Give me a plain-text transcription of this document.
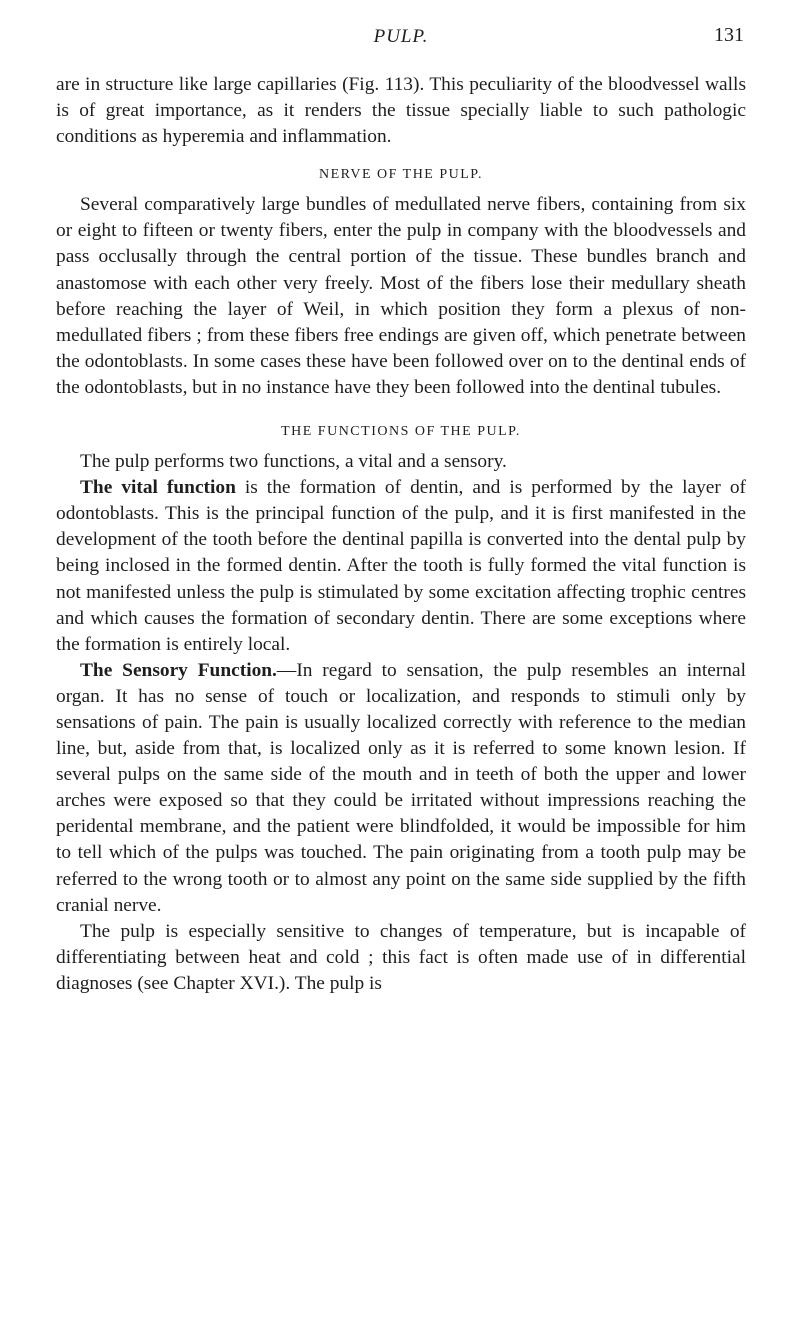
PULP.	131

are in structure like large capillaries (Fig. 113). This peculiarity of the bloodvessel walls is of great importance, as it renders the tissue specially liable to such pathologic conditions as hyperemia and inflammation.

NERVE OF THE PULP.

Several comparatively large bundles of medullated nerve fibers, containing from six or eight to fifteen or twenty fibers, enter the pulp in company with the bloodvessels and pass occlusally through the central portion of the tissue. These bundles branch and anastomose with each other very freely. Most of the fibers lose their medullary sheath before reaching the layer of Weil, in which position they form a plexus of non-medullated fibers ; from these fibers free endings are given off, which penetrate between the odontoblasts. In some cases these have been followed over on to the dentinal ends of the odontoblasts, but in no instance have they been followed into the dentinal tubules.

THE FUNCTIONS OF THE PULP.

The pulp performs two functions, a vital and a sensory.

The vital function is the formation of dentin, and is performed by the layer of odontoblasts. This is the principal function of the pulp, and it is first manifested in the development of the tooth before the dentinal papilla is converted into the dental pulp by being inclosed in the formed dentin. After the tooth is fully formed the vital function is not manifested unless the pulp is stimulated by some excitation affecting trophic centres and which causes the formation of secondary dentin. There are some exceptions where the formation is entirely local.

The Sensory Function.—In regard to sensation, the pulp resembles an internal organ. It has no sense of touch or localization, and responds to stimuli only by sensations of pain. The pain is usually localized correctly with reference to the median line, but, aside from that, is localized only as it is referred to some known lesion. If several pulps on the same side of the mouth and in teeth of both the upper and lower arches were exposed so that they could be irritated without impressions reaching the peridental membrane, and the patient were blindfolded, it would be impossible for him to tell which of the pulps was touched. The pain originating from a tooth pulp may be referred to the wrong tooth or to almost any point on the same side supplied by the fifth cranial nerve.

The pulp is especially sensitive to changes of temperature, but is incapable of differentiating between heat and cold ; this fact is often made use of in differential diagnoses (see Chapter XVI.). The pulp is
